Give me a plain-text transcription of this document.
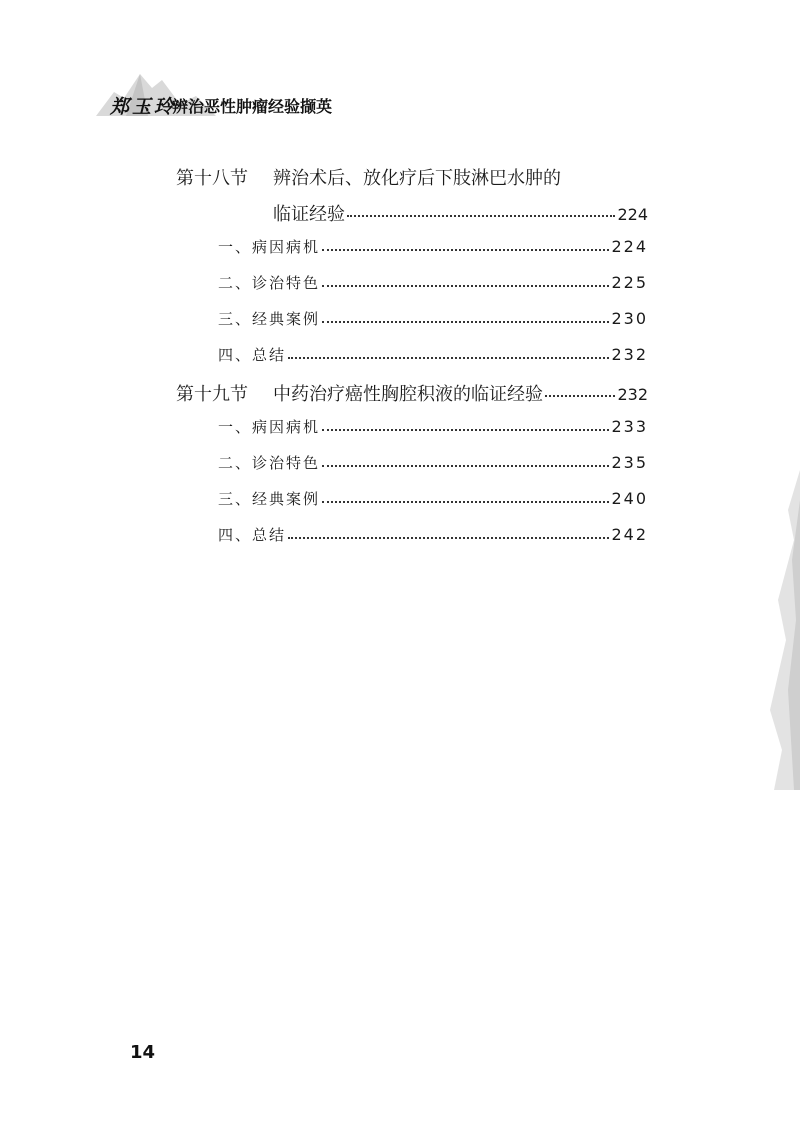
郑玉玲
辨治恶性肿瘤经验撷英
第十八节 辨治术后、放化疗后下肢淋巴水肿的
临证经验	224
一、病因病机	224
二、诊治特色	225
三、经典案例	230
四、总结	232
第十九节 中药治疗癌性胸腔积液的临证经验	232
一、病因病机	233
二、诊治特色	235
三、经典案例	240
四、总结	242
14
